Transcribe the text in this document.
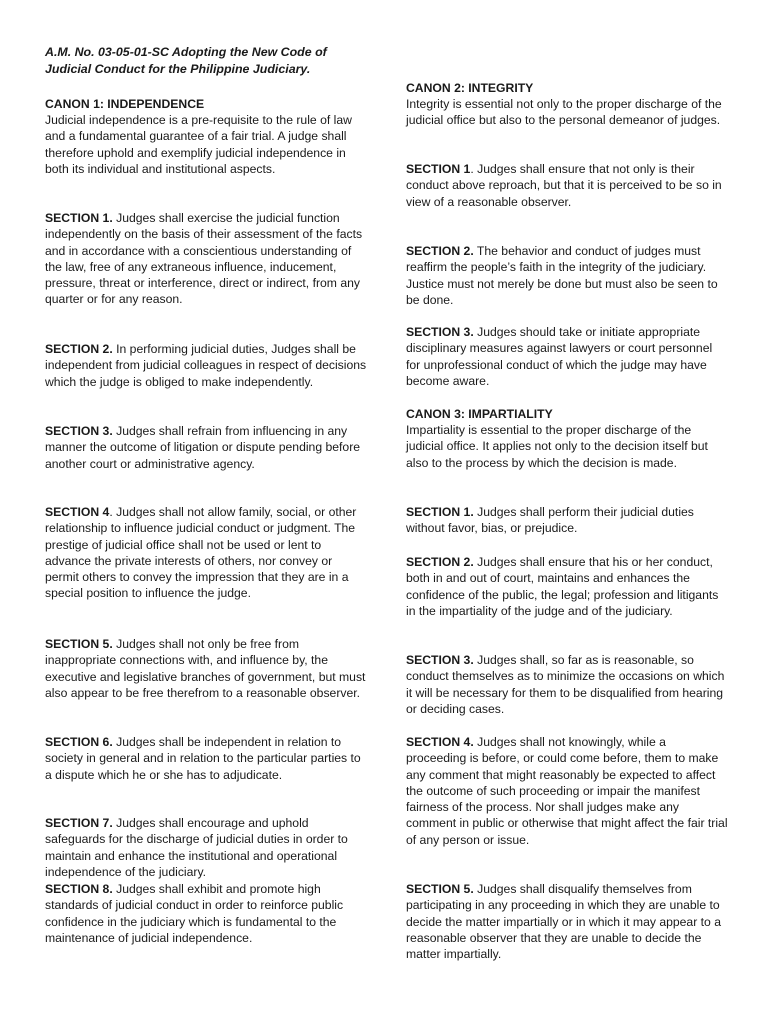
A.M. No. 03-05-01-SC Adopting the New Code of Judicial Conduct for the Philippine Judiciary.
CANON 1: INDEPENDENCE
Judicial independence is a pre-requisite to the rule of law and a fundamental guarantee of a fair trial. A judge shall therefore uphold and exemplify judicial independence in both its individual and institutional aspects.
SECTION 1. Judges shall exercise the judicial function independently on the basis of their assessment of the facts and in accordance with a conscientious understanding of the law, free of any extraneous influence, inducement, pressure, threat or interference, direct or indirect, from any quarter or for any reason.
SECTION 2. In performing judicial duties, Judges shall be independent from judicial colleagues in respect of decisions which the judge is obliged to make independently.
SECTION 3. Judges shall refrain from influencing in any manner the outcome of litigation or dispute pending before another court or administrative agency.
SECTION 4. Judges shall not allow family, social, or other relationship to influence judicial conduct or judgment. The prestige of judicial office shall not be used or lent to advance the private interests of others, nor convey or permit others to convey the impression that they are in a special position to influence the judge.
SECTION 5. Judges shall not only be free from inappropriate connections with, and influence by, the executive and legislative branches of government, but must also appear to be free therefrom to a reasonable observer.
SECTION 6. Judges shall be independent in relation to society in general and in relation to the particular parties to a dispute which he or she has to adjudicate.
SECTION 7. Judges shall encourage and uphold safeguards for the discharge of judicial duties in order to maintain and enhance the institutional and operational independence of the judiciary.
SECTION 8. Judges shall exhibit and promote high standards of judicial conduct in order to reinforce public confidence in the judiciary which is fundamental to the maintenance of judicial independence.
CANON 2: INTEGRITY
Integrity is essential not only to the proper discharge of the judicial office but also to the personal demeanor of judges.
SECTION 1. Judges shall ensure that not only is their conduct above reproach, but that it is perceived to be so in view of a reasonable observer.
SECTION 2. The behavior and conduct of judges must reaffirm the people’s faith in the integrity of the judiciary. Justice must not merely be done but must also be seen to be done.
SECTION 3. Judges should take or initiate appropriate disciplinary measures against lawyers or court personnel for unprofessional conduct of which the judge may have become aware.
CANON 3: IMPARTIALITY
Impartiality is essential to the proper discharge of the judicial office. It applies not only to the decision itself but also to the process by which the decision is made.
SECTION 1. Judges shall perform their judicial duties without favor, bias, or prejudice.
SECTION 2. Judges shall ensure that his or her conduct, both in and out of court, maintains and enhances the confidence of the public, the legal; profession and litigants in the impartiality of the judge and of the judiciary.
SECTION 3. Judges shall, so far as is reasonable, so conduct themselves as to minimize the occasions on which it will be necessary for them to be disqualified from hearing or deciding cases.
SECTION 4. Judges shall not knowingly, while a proceeding is before, or could come before, them to make any comment that might reasonably be expected to affect the outcome of such proceeding or impair the manifest fairness of the process. Nor shall judges make any comment in public or otherwise that might affect the fair trial of any person or issue.
SECTION 5. Judges shall disqualify themselves from participating in any proceeding in which they are unable to decide the matter impartially or in which it may appear to a reasonable observer that they are unable to decide the matter impartially.
